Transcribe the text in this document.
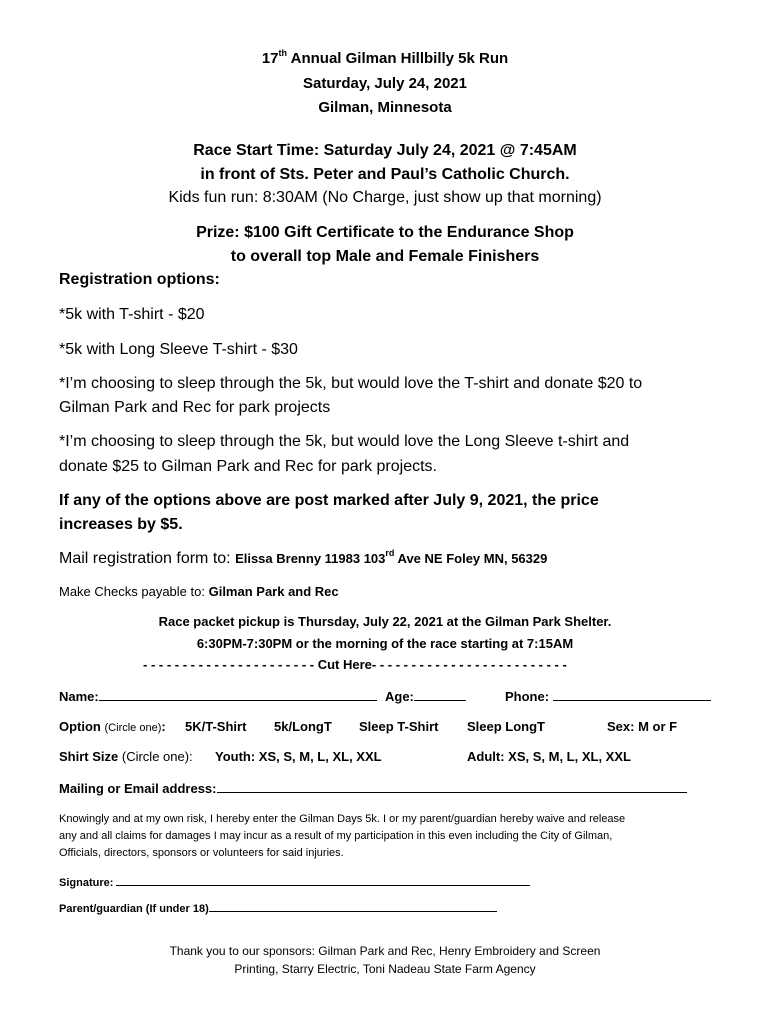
17th Annual Gilman Hillbilly 5k Run
Saturday, July 24, 2021
Gilman, Minnesota
Race Start Time: Saturday July 24, 2021 @ 7:45AM
in front of Sts. Peter and Paul’s Catholic Church.
Kids fun run: 8:30AM (No Charge, just show up that morning)
Prize: $100 Gift Certificate to the Endurance Shop
to overall top Male and Female Finishers
Registration options:
*5k with T-shirt - $20
*5k with Long Sleeve T-shirt - $30
*I’m choosing to sleep through the 5k, but would love the T-shirt and donate $20 to
Gilman Park and Rec for park projects
*I’m choosing to sleep through the 5k, but would love the Long Sleeve t-shirt and
donate $25 to Gilman Park and Rec for park projects.
If any of the options above are post marked after July 9, 2021, the price
increases by $5.
Mail registration form to: Elissa Brenny 11983 103rd Ave NE Foley MN, 56329
Make Checks payable to: Gilman Park and Rec
Race packet pickup is Thursday, July 22, 2021 at the Gilman Park Shelter.
6:30PM-7:30PM or the morning of the race starting at 7:15AM
- - - - - - - - - - - - - - - - - - - - - - Cut Here- - - - - - - - - - - - - - - - - - - - - - - - -
Name:	Age:	Phone:
Option (Circle one): 5K/T-Shirt 5k/LongT Sleep T-Shirt Sleep LongT	Sex: M or F
Shirt Size (Circle one): Youth: XS, S, M, L, XL, XXL	Adult: XS, S, M, L, XL, XXL
Mailing or Email address:
Knowingly and at my own risk, I hereby enter the Gilman Days 5k. I or my parent/guardian hereby waive and release
any and all claims for damages I may incur as a result of my participation in this even including the City of Gilman,
Officials, directors, sponsors or volunteers for said injuries.
Signature:
Parent/guardian (If under 18)
Thank you to our sponsors: Gilman Park and Rec, Henry Embroidery and Screen
Printing, Starry Electric, Toni Nadeau State Farm Agency
